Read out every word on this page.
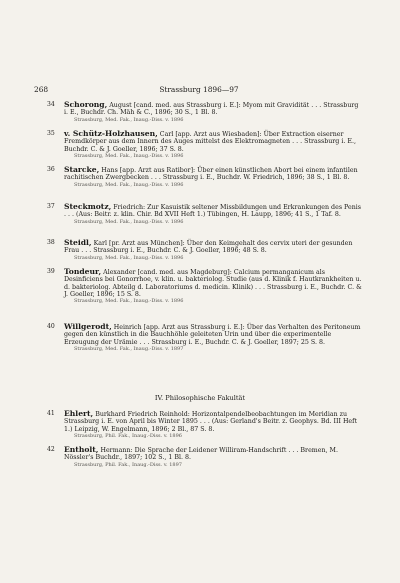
268	Strassburg 1896—97
34 Schorong, August [cand. med. aus Strassburg i. E.]: Myom mit Gravidität . . . Strassburg i. E., Buchdr. Ch. Mäh & C., 1896; 30 S., 1 Bl. 8.
Strassburg, Med. Fak., Inaug.-Diss. v. 1896
35 v. Schütz-Holzhausen, Carl [app. Arzt aus Wiesbaden]: Über Extraction eiserner Fremdkörper aus dem Innern des Auges mittelst des Elektromagneten . . . Strassburg i. E., Buchdr. C. & J. Goeller, 1896; 37 S. 8.
Strassburg, Med. Fak., Inaug.-Diss. v. 1896
36 Starcke, Hans [app. Arzt aus Ratibor]: Über einen künstlichen Abort bei einem infantilen rachitischen Zwergbecken . . . Strassburg i. E., Buchdr. W. Friedrich, 1896; 38 S., 1 Bl. 8.
Strassburg, Med. Fak., Inaug.-Diss. v. 1896
37 Steckmotz, Friedrich: Zur Kasuistik seltener Missbildungen und Erkrankungen des Penis . . . (Aus: Beitr. z. klin. Chir. Bd XVII Heft 1.) Tübingen, H. Laupp, 1896; 41 S., 1 Taf. 8.
Strassburg, Med. Fak., Inaug.-Diss. v. 1896
38 Steidl, Karl [pr. Arzt aus München]: Über den Keimgehalt des cervix uteri der gesunden Frau . . . Strassburg i. E., Buchdr. C. & J. Goeller, 1896; 48 S. 8.
Strassburg, Med. Fak., Inaug.-Diss. v. 1896
39 Tondeur, Alexander [cand. med. aus Magdeburg]: Calcium permanganicum als Desinficiens bei Gonorrhoe, v. klin. u. bakteriolog. Studie (aus d. Klinik f. Hautkrankheiten u. d. bakteriolog. Abteilg d. Laboratoriums d. medicin. Klinik) . . . Strassburg i. E., Buchdr. C. & J. Goeller, 1896; 15 S. 8.
Strassburg, Med. Fak., Inaug.-Diss. v. 1896
40 Willgerodt, Heinrich [app. Arzt aus Strassburg i. E.]: Über das Verhalten des Peritoneum gegen den künstlich in die Bauchhöhle geleiteten Urin und über die experimentelle Erzeugung der Urämie . . . Strassburg i. E., Buchdr. C. & J. Goeller, 1897; 25 S. 8.
Strassburg, Med. Fak., Inaug.-Diss. v. 1897
IV. Philosophische Fakultät
41 Ehlert, Burkhard Friedrich Reinhold: Horizontalpendelbeobachtungen im Meridian zu Strassburg i. E. von April bis Winter 1895 . . . (Aus: Gerland's Beitr. z. Geophys. Bd. III Heft 1.) Leipzig, W. Engelmann, 1896; 2 Bl., 87 S. 8.
Strassburg, Phil. Fak., Inaug.-Diss. v. 1896
42 Entholt, Hermann: Die Sprache der Leidener Williram-Handschrift . . . Bremen, M. Nössler's Buchdr., 1897; 102 S., 1 Bl. 8.
Strassburg, Phil. Fak., Inaug.-Diss. v. 1897
